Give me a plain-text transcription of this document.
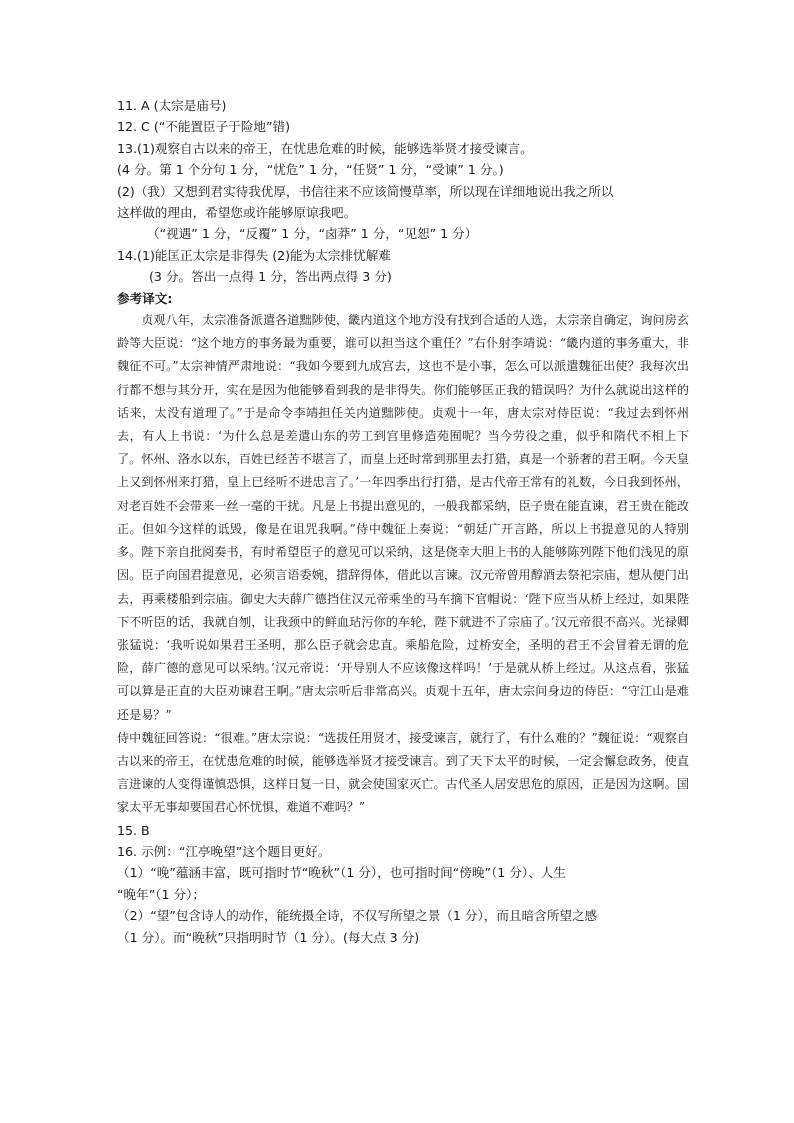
11. A (太宗是庙号)

12. C (“不能置臣子于险地”错)

13.(1)观察自古以来的帝王，在忧患危难的时候，能够选举贤才接受谏言。

(4 分。第 1 个分句 1 分，“忧危” 1 分，“任贤” 1 分，“受谏” 1 分。)

(2)（我）又想到君实待我优厚，书信往来不应该简慢草率，所以现在详细地说出我之所以

这样做的理由，希望您或许能够原谅我吧。

（“视遇” 1 分，“反覆” 1 分，“卤莽” 1 分，“见恕” 1 分）

14.(1)能匡正太宗是非得失 (2)能为太宗排忧解难

(3 分。答出一点得 1 分，答出两点得 3 分)

参考译文:

贞观八年，太宗准备派遣各道黜陟使，畿内道这个地方没有找到合适的人选，太宗亲自确定，询问房玄龄等大臣说：“这个地方的事务最为重要，谁可以担当这个重任？”右仆射李靖说：“畿内道的事务重大，非魏征不可。”太宗神情严肃地说：“我如今要到九成宫去，这也不是小事，怎么可以派遣魏征出使？我每次出行都不想与其分开，实在是因为他能够看到我的是非得失。你们能够匡正我的错误吗？为什么就说出这样的话来，太没有道理了。”于是命令李靖担任关内道黜陟使。贞观十一年，唐太宗对侍臣说：“我过去到怀州去，有人上书说：‘为什么总是差遣山东的劳工到宫里修造苑囿呢？当今劳役之重，似乎和隋代不相上下了。怀州、洛水以东，百姓已经苦不堪言了，而皇上还时常到那里去打猎，真是一个骄奢的君王啊。今天皇上又到怀州来打猎，皇上已经听不进忠言了。’一年四季出行打猎，是古代帝王常有的礼数，今日我到怀州，对老百姓不会带来一丝一毫的干扰。凡是上书提出意见的，一般我都采纳，臣子贵在能直谏，君王贵在能改正。但如今这样的诋毁，像是在诅咒我啊。”侍中魏征上奏说：“朝廷广开言路，所以上书提意见的人特别多。陛下亲自批阅奏书，有时希望臣子的意见可以采纳，这是侥幸大胆上书的人能够陈列陛下他们浅见的原因。臣子向国君提意见，必须言语委婉，措辞得体，借此以言谏。汉元帝曾用醇酒去祭祀宗庙，想从便门出去，再乘楼船到宗庙。御史大夫薛广德挡住汉元帝乘坐的马车摘下官帽说：‘陛下应当从桥上经过，如果陛下不听臣的话，我就自刎，让我颈中的鲜血玷污你的车轮，陛下就进不了宗庙了。’汉元帝很不高兴。光禄卿张猛说：‘我听说如果君王圣明，那么臣子就会忠直。乘船危险，过桥安全，圣明的君王不会冒着无谓的危险，薛广德的意见可以采纳。’汉元帝说：‘开导别人不应该像这样吗！’于是就从桥上经过。从这点看，张猛可以算是正直的大臣劝谏君王啊。”唐太宗听后非常高兴。贞观十五年，唐太宗问身边的侍臣：“守江山是难还是易？”

侍中魏征回答说：“很难。”唐太宗说：“选拔任用贤才，接受谏言，就行了，有什么难的？”魏征说：“观察自古以来的帝王，在忧患危难的时候，能够选举贤才接受谏言。到了天下太平的时候，一定会懈怠政务，使直言进谏的人变得谨慎恐惧，这样日复一日，就会使国家灭亡。古代圣人居安思危的原因，正是因为这啊。国家太平无事却要国君心怀忧惧，难道不难吗？”

15. B

16. 示例：“江亭晚望”这个题目更好。

（1）“晚”蕴涵丰富，既可指时节“晚秋”（1 分），也可指时间“傍晚”（1 分）、人生

“晚年”（1 分）；

（2）“望”包含诗人的动作，能统摄全诗，不仅写所望之景（1 分），而且暗含所望之感

（1 分）。而“晚秋”只指明时节（1 分）。(每大点 3 分)
